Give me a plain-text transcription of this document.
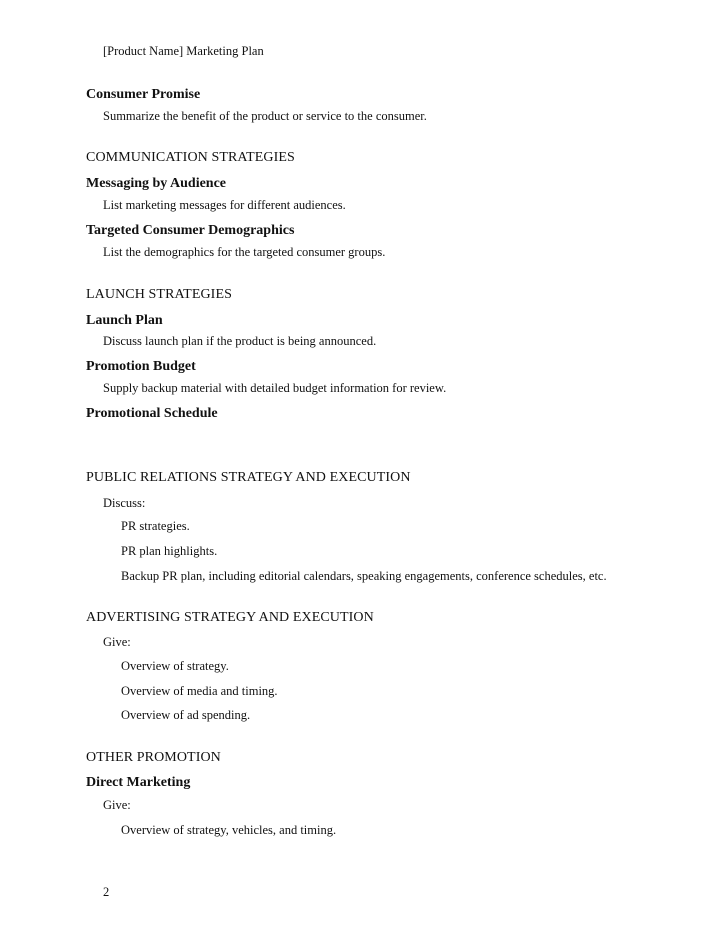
[Product Name] Marketing Plan
Consumer Promise
Summarize the benefit of the product or service to the consumer.
COMMUNICATION STRATEGIES
Messaging by Audience
List marketing messages for different audiences.
Targeted Consumer Demographics
List the demographics for the targeted consumer groups.
LAUNCH STRATEGIES
Launch Plan
Discuss launch plan if the product is being announced.
Promotion Budget
Supply backup material with detailed budget information for review.
Promotional Schedule
PUBLIC RELATIONS STRATEGY AND EXECUTION
Discuss:
PR strategies.
PR plan highlights.
Backup PR plan, including editorial calendars, speaking engagements, conference schedules, etc.
ADVERTISING STRATEGY AND EXECUTION
Give:
Overview of strategy.
Overview of media and timing.
Overview of ad spending.
OTHER PROMOTION
Direct Marketing
Give:
Overview of strategy, vehicles, and timing.
2
